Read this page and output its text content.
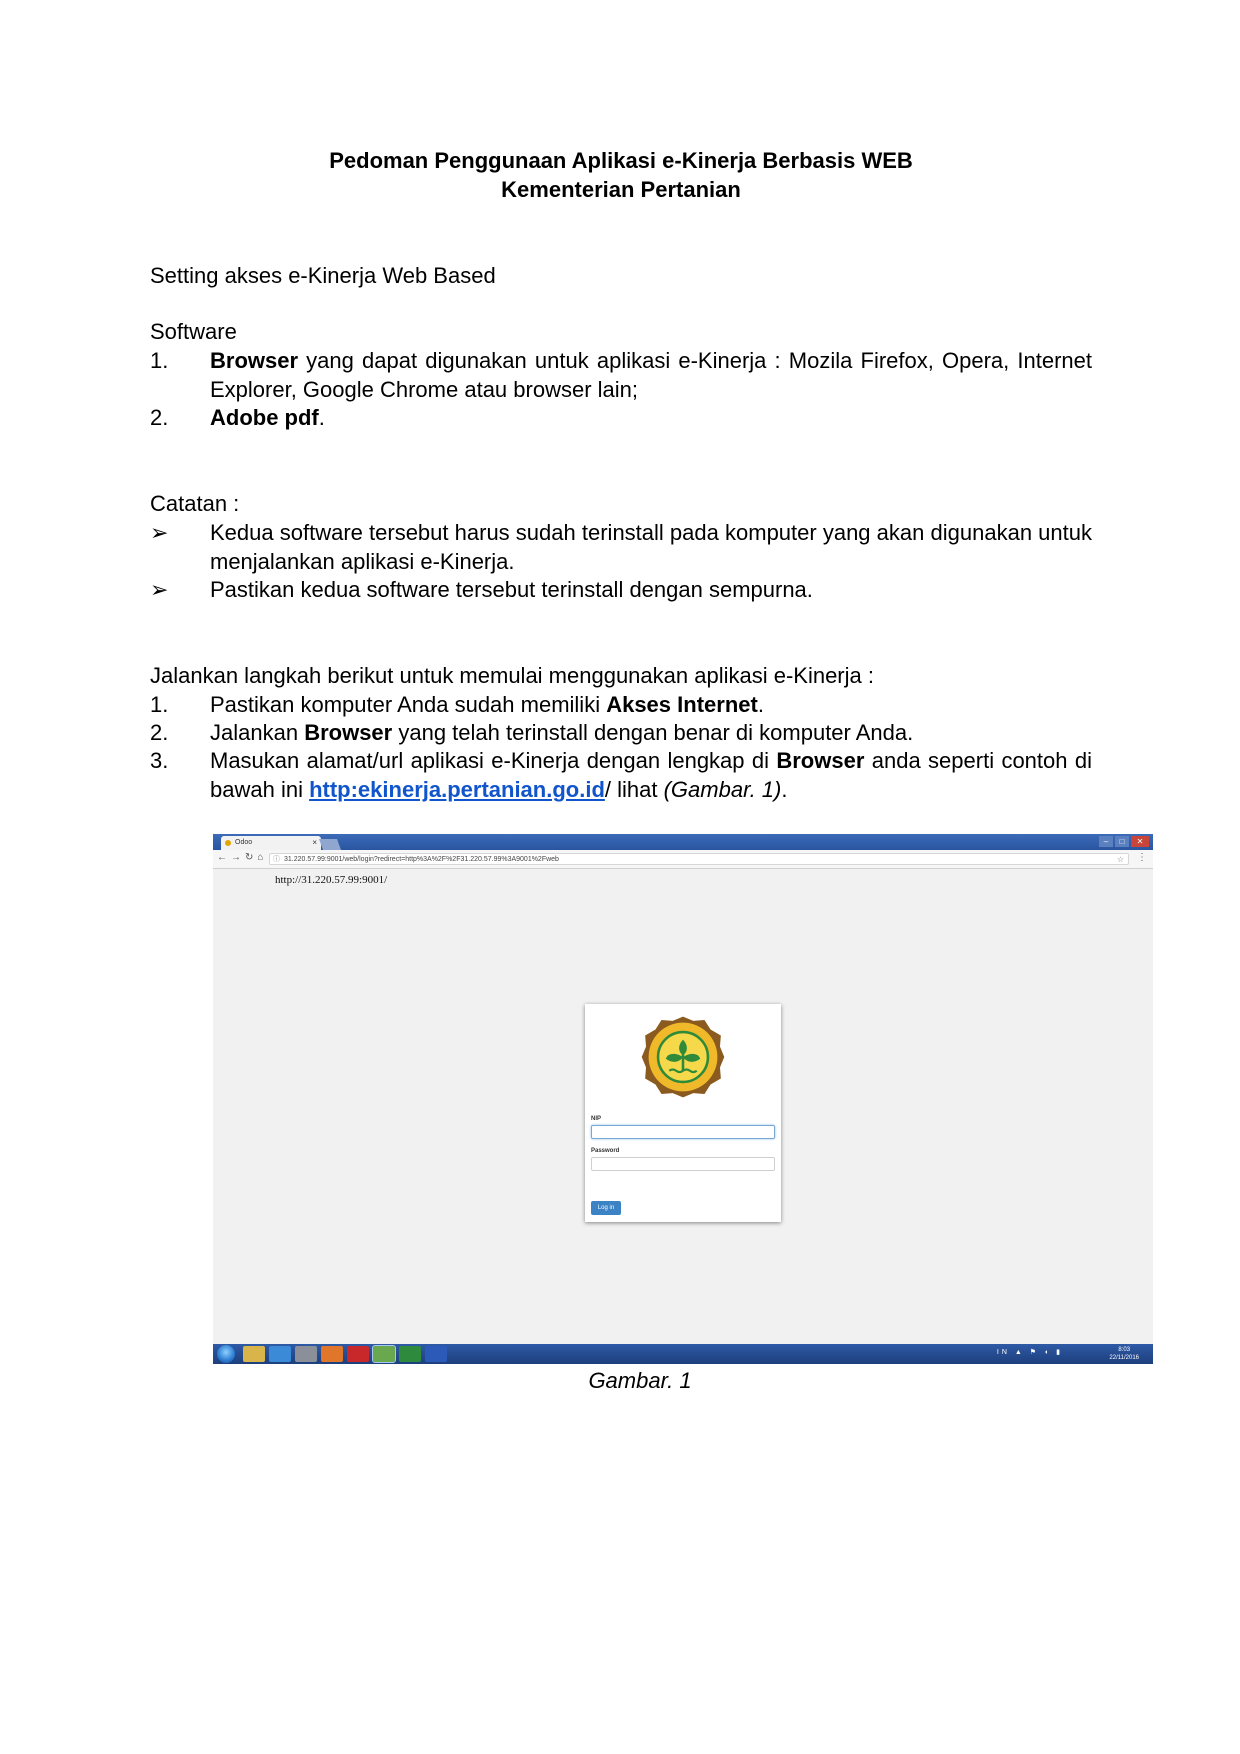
Pedoman Penggunaan Aplikasi e-Kinerja Berbasis WEB
Kementerian Pertanian
Setting akses e-Kinerja Web Based
Software
1. Browser yang dapat digunakan untuk aplikasi e-Kinerja : Mozila Firefox, Opera, Internet Explorer, Google Chrome atau browser lain;
2. Adobe pdf.
Catatan :
➢ Kedua software tersebut harus sudah terinstall pada komputer yang akan digunakan untuk menjalankan aplikasi e-Kinerja.
➢ Pastikan kedua software tersebut terinstall dengan sempurna.
Jalankan langkah berikut untuk memulai menggunakan aplikasi e-Kinerja :
1. Pastikan komputer Anda sudah memiliki Akses Internet.
2. Jalankan Browser yang telah terinstall dengan benar di komputer Anda.
3. Masukan alamat/url aplikasi e-Kinerja dengan lengkap di Browser anda seperti contoh di bawah ini http:ekinerja.pertanian.go.id/ lihat (Gambar. 1).
Odoo	×	–	□	✕
←→↻⌂ ⓘ 31.220.57.99:9001/web/login?redirect=http%3A%2F%2F31.220.57.99%3A9001%2Fweb	☆ ⋮
http://31.220.57.99:9001/
NIP
Password
Log in
IN ▲ ⚑ ◖ ▮	8:03
22/11/2016
Gambar. 1
